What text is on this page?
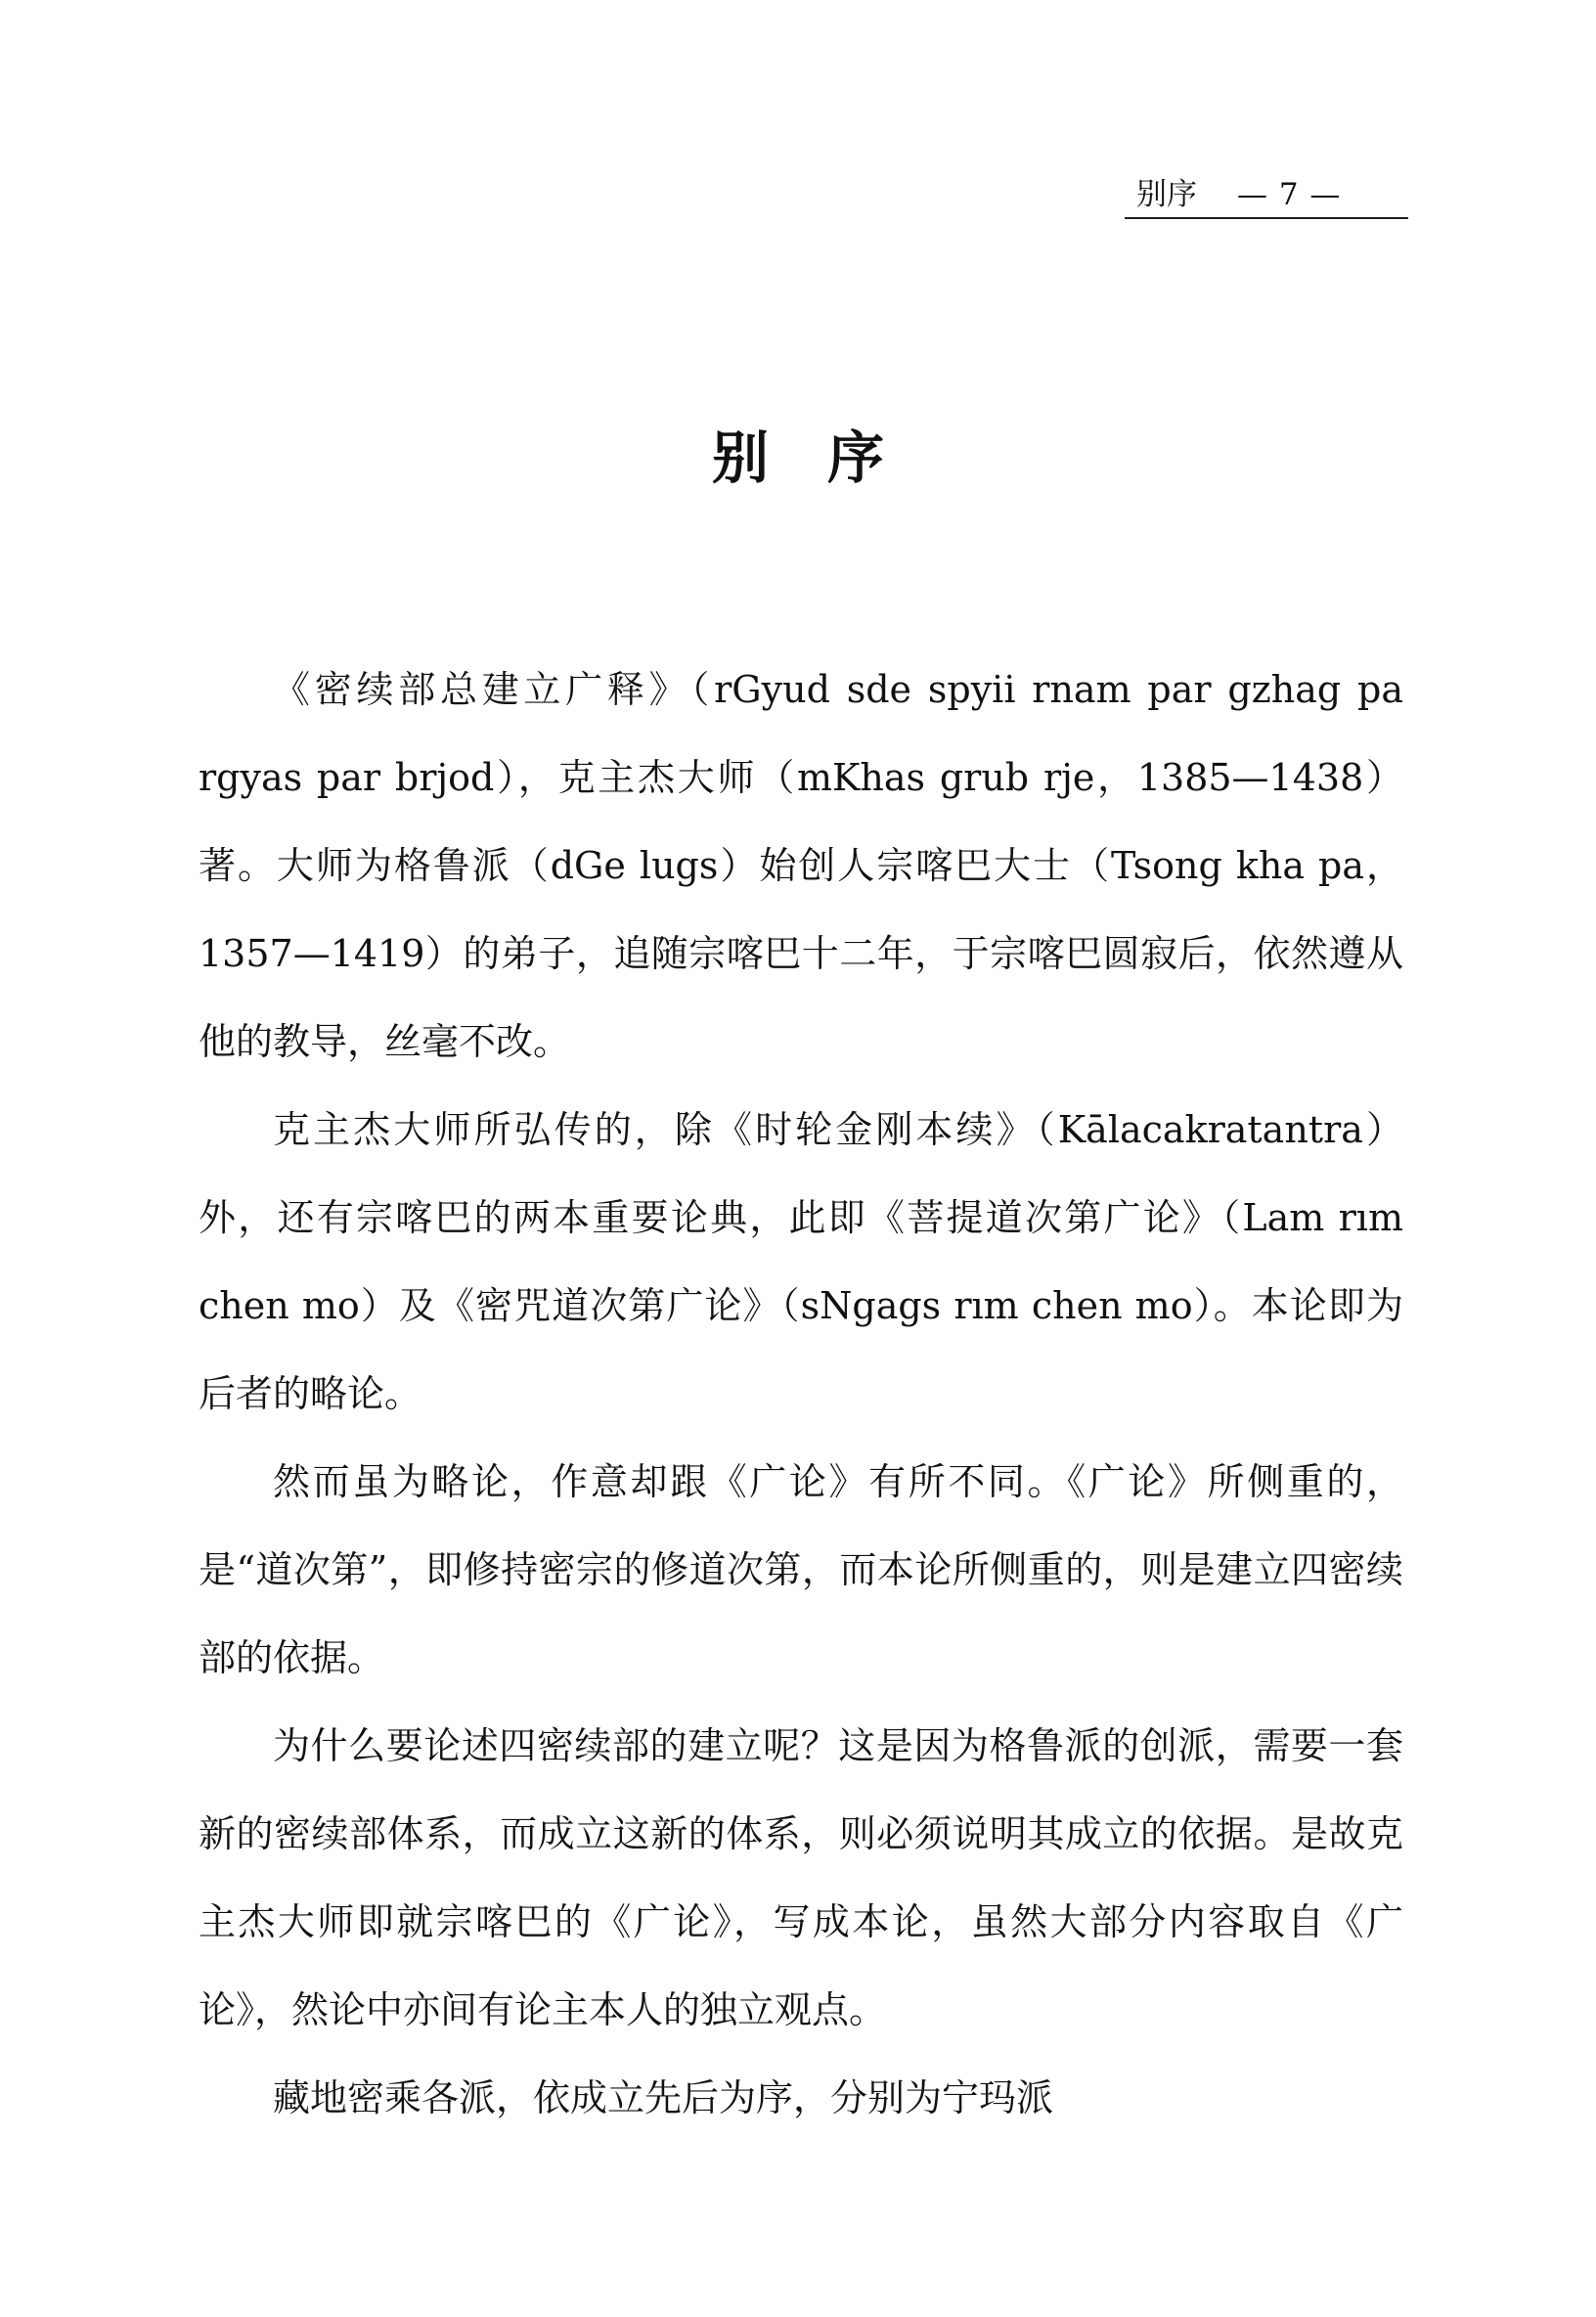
别序 — 7 —
别序

《密续部总建立广释》（rGyud sde spyii rnam par gzhag pa rgyas par brjod），克主杰大师（mKhas grub rje，1385—1438）著。大师为格鲁派（dGe lugs）始创人宗喀巴大士（Tsong kha pa，1357—1419）的弟子，追随宗喀巴十二年，于宗喀巴圆寂后，依然遵从他的教导，丝毫不改。

克主杰大师所弘传的，除《时轮金刚本续》（Kālacakratantra）外，还有宗喀巴的两本重要论典，此即《菩提道次第广论》（Lam rım chen mo）及《密咒道次第广论》（sNgags rım chen mo）。本论即为后者的略论。

然而虽为略论，作意却跟《广论》有所不同。《广论》所侧重的，是“道次第”，即修持密宗的修道次第，而本论所侧重的，则是建立四密续部的依据。

为什么要论述四密续部的建立呢？这是因为格鲁派的创派，需要一套新的密续部体系，而成立这新的体系，则必须说明其成立的依据。是故克主杰大师即就宗喀巴的《广论》，写成本论，虽然大部分内容取自《广论》，然论中亦间有论主本人的独立观点。

藏地密乘各派，依成立先后为序，分别为宁玛派
